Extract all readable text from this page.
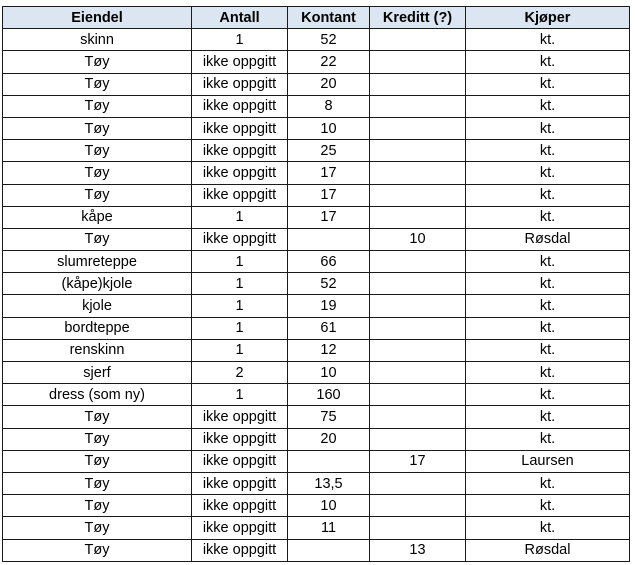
Eiendel	Antall	Kontant	Kreditt (?)	Kjøper
skinn	1	52		kt.
Tøy	ikke oppgitt	22		kt.
Tøy	ikke oppgitt	20		kt.
Tøy	ikke oppgitt	8		kt.
Tøy	ikke oppgitt	10		kt.
Tøy	ikke oppgitt	25		kt.
Tøy	ikke oppgitt	17		kt.
Tøy	ikke oppgitt	17		kt.
kåpe	1	17		kt.
Tøy	ikke oppgitt		10	Røsdal
slumreteppe	1	66		kt.
(kåpe)kjole	1	52		kt.
kjole	1	19		kt.
bordteppe	1	61		kt.
renskinn	1	12		kt.
sjerf	2	10		kt.
dress (som ny)	1	160		kt.
Tøy	ikke oppgitt	75		kt.
Tøy	ikke oppgitt	20		kt.
Tøy	ikke oppgitt		17	Laursen
Tøy	ikke oppgitt	13,5		kt.
Tøy	ikke oppgitt	10		kt.
Tøy	ikke oppgitt	11		kt.
Tøy	ikke oppgitt		13	Røsdal
